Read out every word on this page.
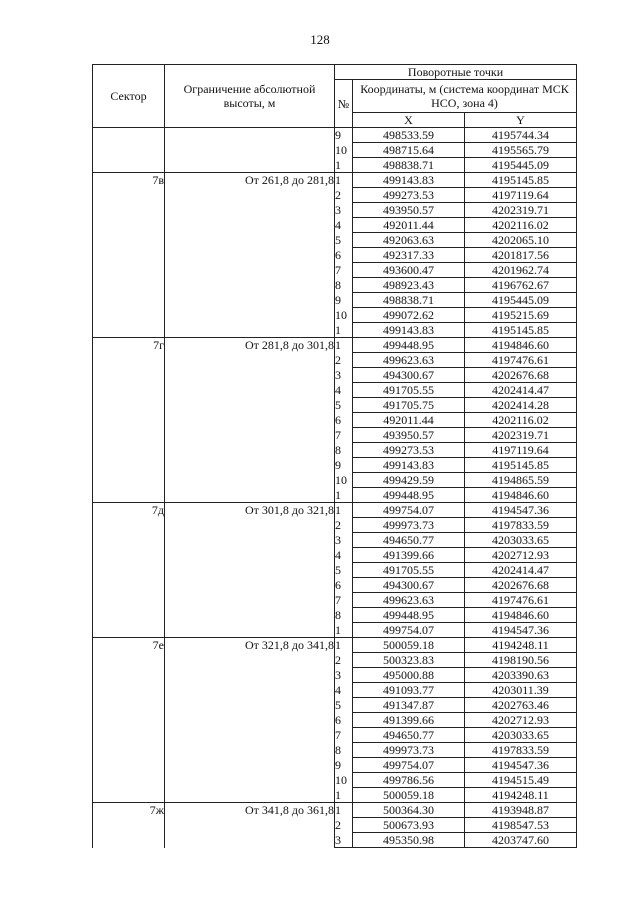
128
Сектор	Ограничение абсолютной высоты, м	Поворотные точки		
		№	Координаты, м (система координат МСК НСО, зона 4)	
			X	Y
		9	498533.59	4195744.34
		10	498715.64	4195565.79
		1	498838.71	4195445.09
7в	От 261,8 до 281,8	1	499143.83	4195145.85
		2	499273.53	4197119.64
		3	493950.57	4202319.71
		4	492011.44	4202116.02
		5	492063.63	4202065.10
		6	492317.33	4201817.56
		7	493600.47	4201962.74
		8	498923.43	4196762.67
		9	498838.71	4195445.09
		10	499072.62	4195215.69
		1	499143.83	4195145.85
7г	От 281,8 до 301,8	1	499448.95	4194846.60
		2	499623.63	4197476.61
		3	494300.67	4202676.68
		4	491705.55	4202414.47
		5	491705.75	4202414.28
		6	492011.44	4202116.02
		7	493950.57	4202319.71
		8	499273.53	4197119.64
		9	499143.83	4195145.85
		10	499429.59	4194865.59
		1	499448.95	4194846.60
7д	От 301,8 до 321,8	1	499754.07	4194547.36
		2	499973.73	4197833.59
		3	494650.77	4203033.65
		4	491399.66	4202712.93
		5	491705.55	4202414.47
		6	494300.67	4202676.68
		7	499623.63	4197476.61
		8	499448.95	4194846.60
		1	499754.07	4194547.36
7е	От 321,8 до 341,8	1	500059.18	4194248.11
		2	500323.83	4198190.56
		3	495000.88	4203390.63
		4	491093.77	4203011.39
		5	491347.87	4202763.46
		6	491399.66	4202712.93
		7	494650.77	4203033.65
		8	499973.73	4197833.59
		9	499754.07	4194547.36
		10	499786.56	4194515.49
		1	500059.18	4194248.11
7ж	От 341,8 до 361,8	1	500364.30	4193948.87
		2	500673.93	4198547.53
		3	495350.98	4203747.60
